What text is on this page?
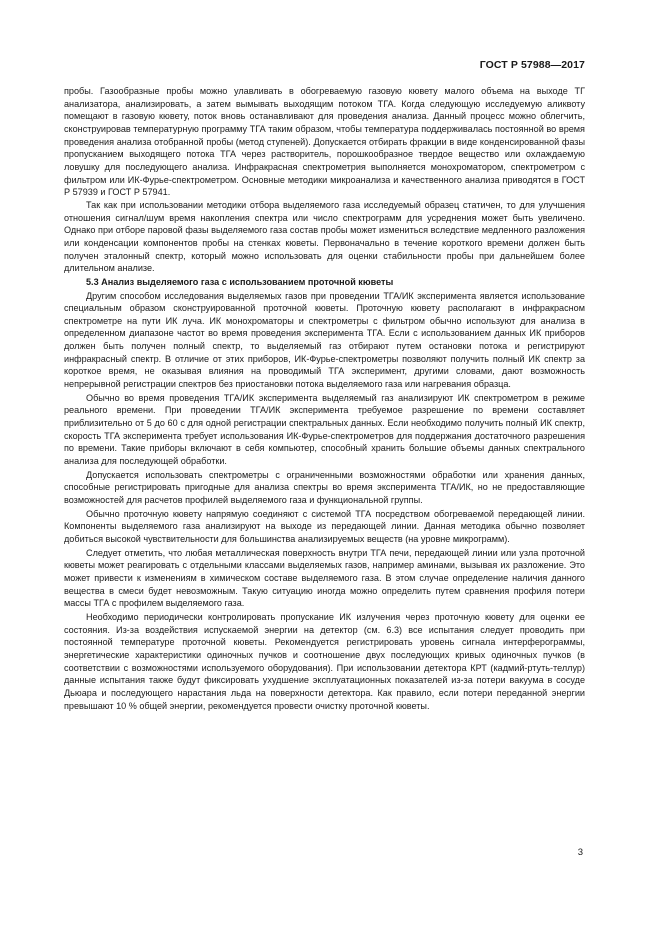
ГОСТ Р 57988—2017

пробы. Газообразные пробы можно улавливать в обогреваемую газовую кювету малого объема на выходе ТГ анализатора, анализировать, а затем вымывать выходящим потоком ТГА. Когда следующую исследуемую аликвоту помещают в газовую кювету, поток вновь останавливают для проведения анализа. Данный процесс можно облегчить, сконструировав температурную программу ТГА таким образом, чтобы температура поддерживалась постоянной во время проведения анализа отобранной пробы (метод ступеней). Допускается отбирать фракции в виде конденсированной фазы пропусканием выходящего потока ТГА через растворитель, порошкообразное твердое вещество или охлаждаемую ловушку для последующего анализа. Инфракрасная спектрометрия выполняется монохроматором, спектрометром с фильтром или ИК-Фурье-спектрометром. Основные методики микроанализа и качественного анализа приводятся в ГОСТ Р 57939 и ГОСТ Р 57941.

Так как при использовании методики отбора выделяемого газа исследуемый образец статичен, то для улучшения отношения сигнал/шум время накопления спектра или число спектрограмм для усреднения может быть увеличено. Однако при отборе паровой фазы выделяемого газа состав пробы может измениться вследствие медленного разложения или конденсации компонентов пробы на стенках кюветы. Первоначально в течение короткого времени должен быть получен эталонный спектр, который можно использовать для оценки стабильности пробы при дальнейшем более длительном анализе.

5.3 Анализ выделяемого газа с использованием проточной кюветы

Другим способом исследования выделяемых газов при проведении ТГА/ИК эксперимента является использование специальным образом сконструированной проточной кюветы. Проточную кювету располагают в инфракрасном спектрометре на пути ИК луча. ИК монохроматоры и спектрометры с фильтром обычно используют для анализа в определенном диапазоне частот во время проведения эксперимента ТГА. Если с использованием данных ИК приборов должен быть получен полный спектр, то выделяемый газ отбирают путем остановки потока и регистрируют инфракрасный спектр. В отличие от этих приборов, ИК-Фурье-спектрометры позволяют получить полный ИК спектр за короткое время, не оказывая влияния на проводимый ТГА эксперимент, другими словами, дают возможность непрерывной регистрации спектров без приостановки потока выделяемого газа или нагревания образца.

Обычно во время проведения ТГА/ИК эксперимента выделяемый газ анализируют ИК спектрометром в режиме реального времени. При проведении ТГА/ИК эксперимента требуемое разрешение по времени составляет приблизительно от 5 до 60 с для одной регистрации спектральных данных. Если необходимо получить полный ИК спектр, скорость ТГА эксперимента требует использования ИК-Фурье-спектрометров для поддержания достаточного разрешения по времени. Такие приборы включают в себя компьютер, способный хранить большие объемы данных спектрального анализа для последующей обработки.

Допускается использовать спектрометры с ограниченными возможностями обработки или хранения данных, способные регистрировать пригодные для анализа спектры во время эксперимента ТГА/ИК, но не предоставляющие возможностей для расчетов профилей выделяемого газа и функциональной группы.

Обычно проточную кювету напрямую соединяют с системой ТГА посредством обогреваемой передающей линии. Компоненты выделяемого газа анализируют на выходе из передающей линии. Данная методика обычно позволяет добиться высокой чувствительности для большинства анализируемых веществ (на уровне микрограмм).

Следует отметить, что любая металлическая поверхность внутри ТГА печи, передающей линии или узла проточной кюветы может реагировать с отдельными классами выделяемых газов, например аминами, вызывая их разложение. Это может привести к изменениям в химическом составе выделяемого газа. В этом случае определение наличия данного вещества в смеси будет невозможным. Такую ситуацию иногда можно определить путем сравнения профиля потери массы ТГА с профилем выделяемого газа.

Необходимо периодически контролировать пропускание ИК излучения через проточную кювету для оценки ее состояния. Из-за воздействия испускаемой энергии на детектор (см. 6.3) все испытания следует проводить при постоянной температуре проточной кюветы. Рекомендуется регистрировать уровень сигнала интерферограммы, энергетические характеристики одиночных пучков и соотношение двух последующих кривых одиночных пучков (в соответствии с возможностями используемого оборудования). При использовании детектора КРТ (кадмий-ртуть-теллур) данные испытания также будут фиксировать ухудшение эксплуатационных показателей из-за потери вакуума в сосуде Дьюара и последующего нарастания льда на поверхности детектора. Как правило, если потери переданной энергии превышают 10 % общей энергии, рекомендуется провести очистку проточной кюветы.

3
